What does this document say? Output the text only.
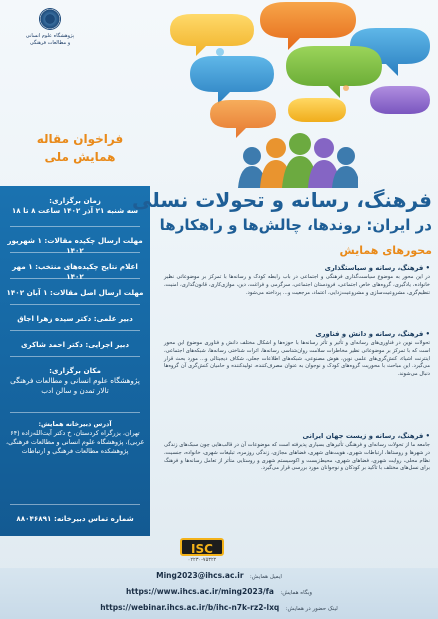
پژوهشگاه علوم انسانی
و مطالعات فرهنگی
فراخوان مقاله
همایش ملی
زمان برگزاری:
سه شنبه ۲۱ آذر ۱۴۰۲ ساعت ۸ تا ۱۸
مهلت ارسال چکیده مقالات: ۱ شهریور ۱۴۰۲
اعلام نتایج چکیده‌های منتخب: ۱ مهر ۱۴۰۲
مهلت ارسال اصل مقالات: ۱ آبان ۱۴۰۲
دبیر علمی: دکتر سیده زهرا اجاق
دبیر اجرایی: دکتر احمد شاکری
مکان برگزاری:
پژوهشگاه علوم انسانی و مطالعات فرهنگی تالار تمدن و سالن ادب
آدرس دبیرخانه همایش:
تهران، بزرگراه کردستان، خ دکتر آیت‌الله‌زاده (۶۴ غربی)، پژوهشگاه علوم انسانی و مطالعات فرهنگی، پژوهشکده مطالعات فرهنگی و ارتباطات
شماره تماس دبیرخانه: ۸۸۰۴۶۸۹۱
فرهنگ، رسانه و تحولات نسلی
در ایران: روندها، چالش‌ها و راهکارها
محورهای همایش
• فرهنگ، رسانه و سیاستگذاری
در این محور به موضوع سیاست‌گذاری فرهنگی و اجتماعی در باب رابطه کودک و رسانه‌ها با تمرکز بر موضوعاتی نظیر خانواده، یادگیری، گروه‌های خاص اجتماعی، فرودستان اجتماعی، سرگرمی و فراغت، دین، موازی‌کاری، قانون‌گذاری، امنیت، تنظیم‌گری، مشروعیت‌سازی و مشروعیت‌زدایی، اعتماد، مرجعیت و... پرداخته می‌شود.
• فرهنگ، رسانه و دانش و فناوری
تحولات نوین در فناوری‌های رسانه‌ای و تأثیر و تأثر رسانه‌ها با حوزه‌ها و اشکال مختلف دانش و فناوری موضوع این محور است که با تمرکز بر موضوعاتی نظیر مخاطرات سلامت روان‌شناسی رسانه‌ها، اثرات شناختی رسانه‌ها، شبکه‌های اجتماعی، اینترنت اشیاء، کنش‌گری‌های علمی نوین، هوش مصنوعی، شبکه‌های اطلاعات جعلی، شکاف دیجیتالی و... مورد بحث قرار می‌گیرد. این مباحث با محوریت گروه‌های کودک و نوجوان به عنوان مصرف‌کننده، تولیدکننده و حامیان کنش‌گری آن گروه‌ها دنبال می‌شوند.
• فرهنگ، رسانه و زیست جهان ایرانی
جامعه ما از تحولات رسانه‌ای و فرهنگی تأثیرهای بسیاری پذیرفته است که موضوعات آن در قالب‌هایی چون سبک‌های زندگی در شهرها و روستاها، ارتباطات شهری، هویت‌های شهری، فضاهای مجازی، زندگی روزمره، تبلیغات شهری، خانواده، جنسیت، نظام محلی، روایت شهری، فضاهای شهری، محیط‌زیست و اکوسیستم شهری و روستایی متأثر از تعامل رسانه‌ها و فرهنگ برای نسل‌های مختلف با تأکید بر کودکان و نوجوانان مورد بررسی قرار می‌گیرد.
ISC
۰۲۲۳۰-۷۵۳۲۲
ایمیل همایش: Ming2023@ihcs.ac.ir
وبگاه همایش: https://www.ihcs.ac.ir/ming2023/fa
لینک حضور در همایش: https://webinar.ihcs.ac.ir/b/ihc-n7k-rz2-lxq
